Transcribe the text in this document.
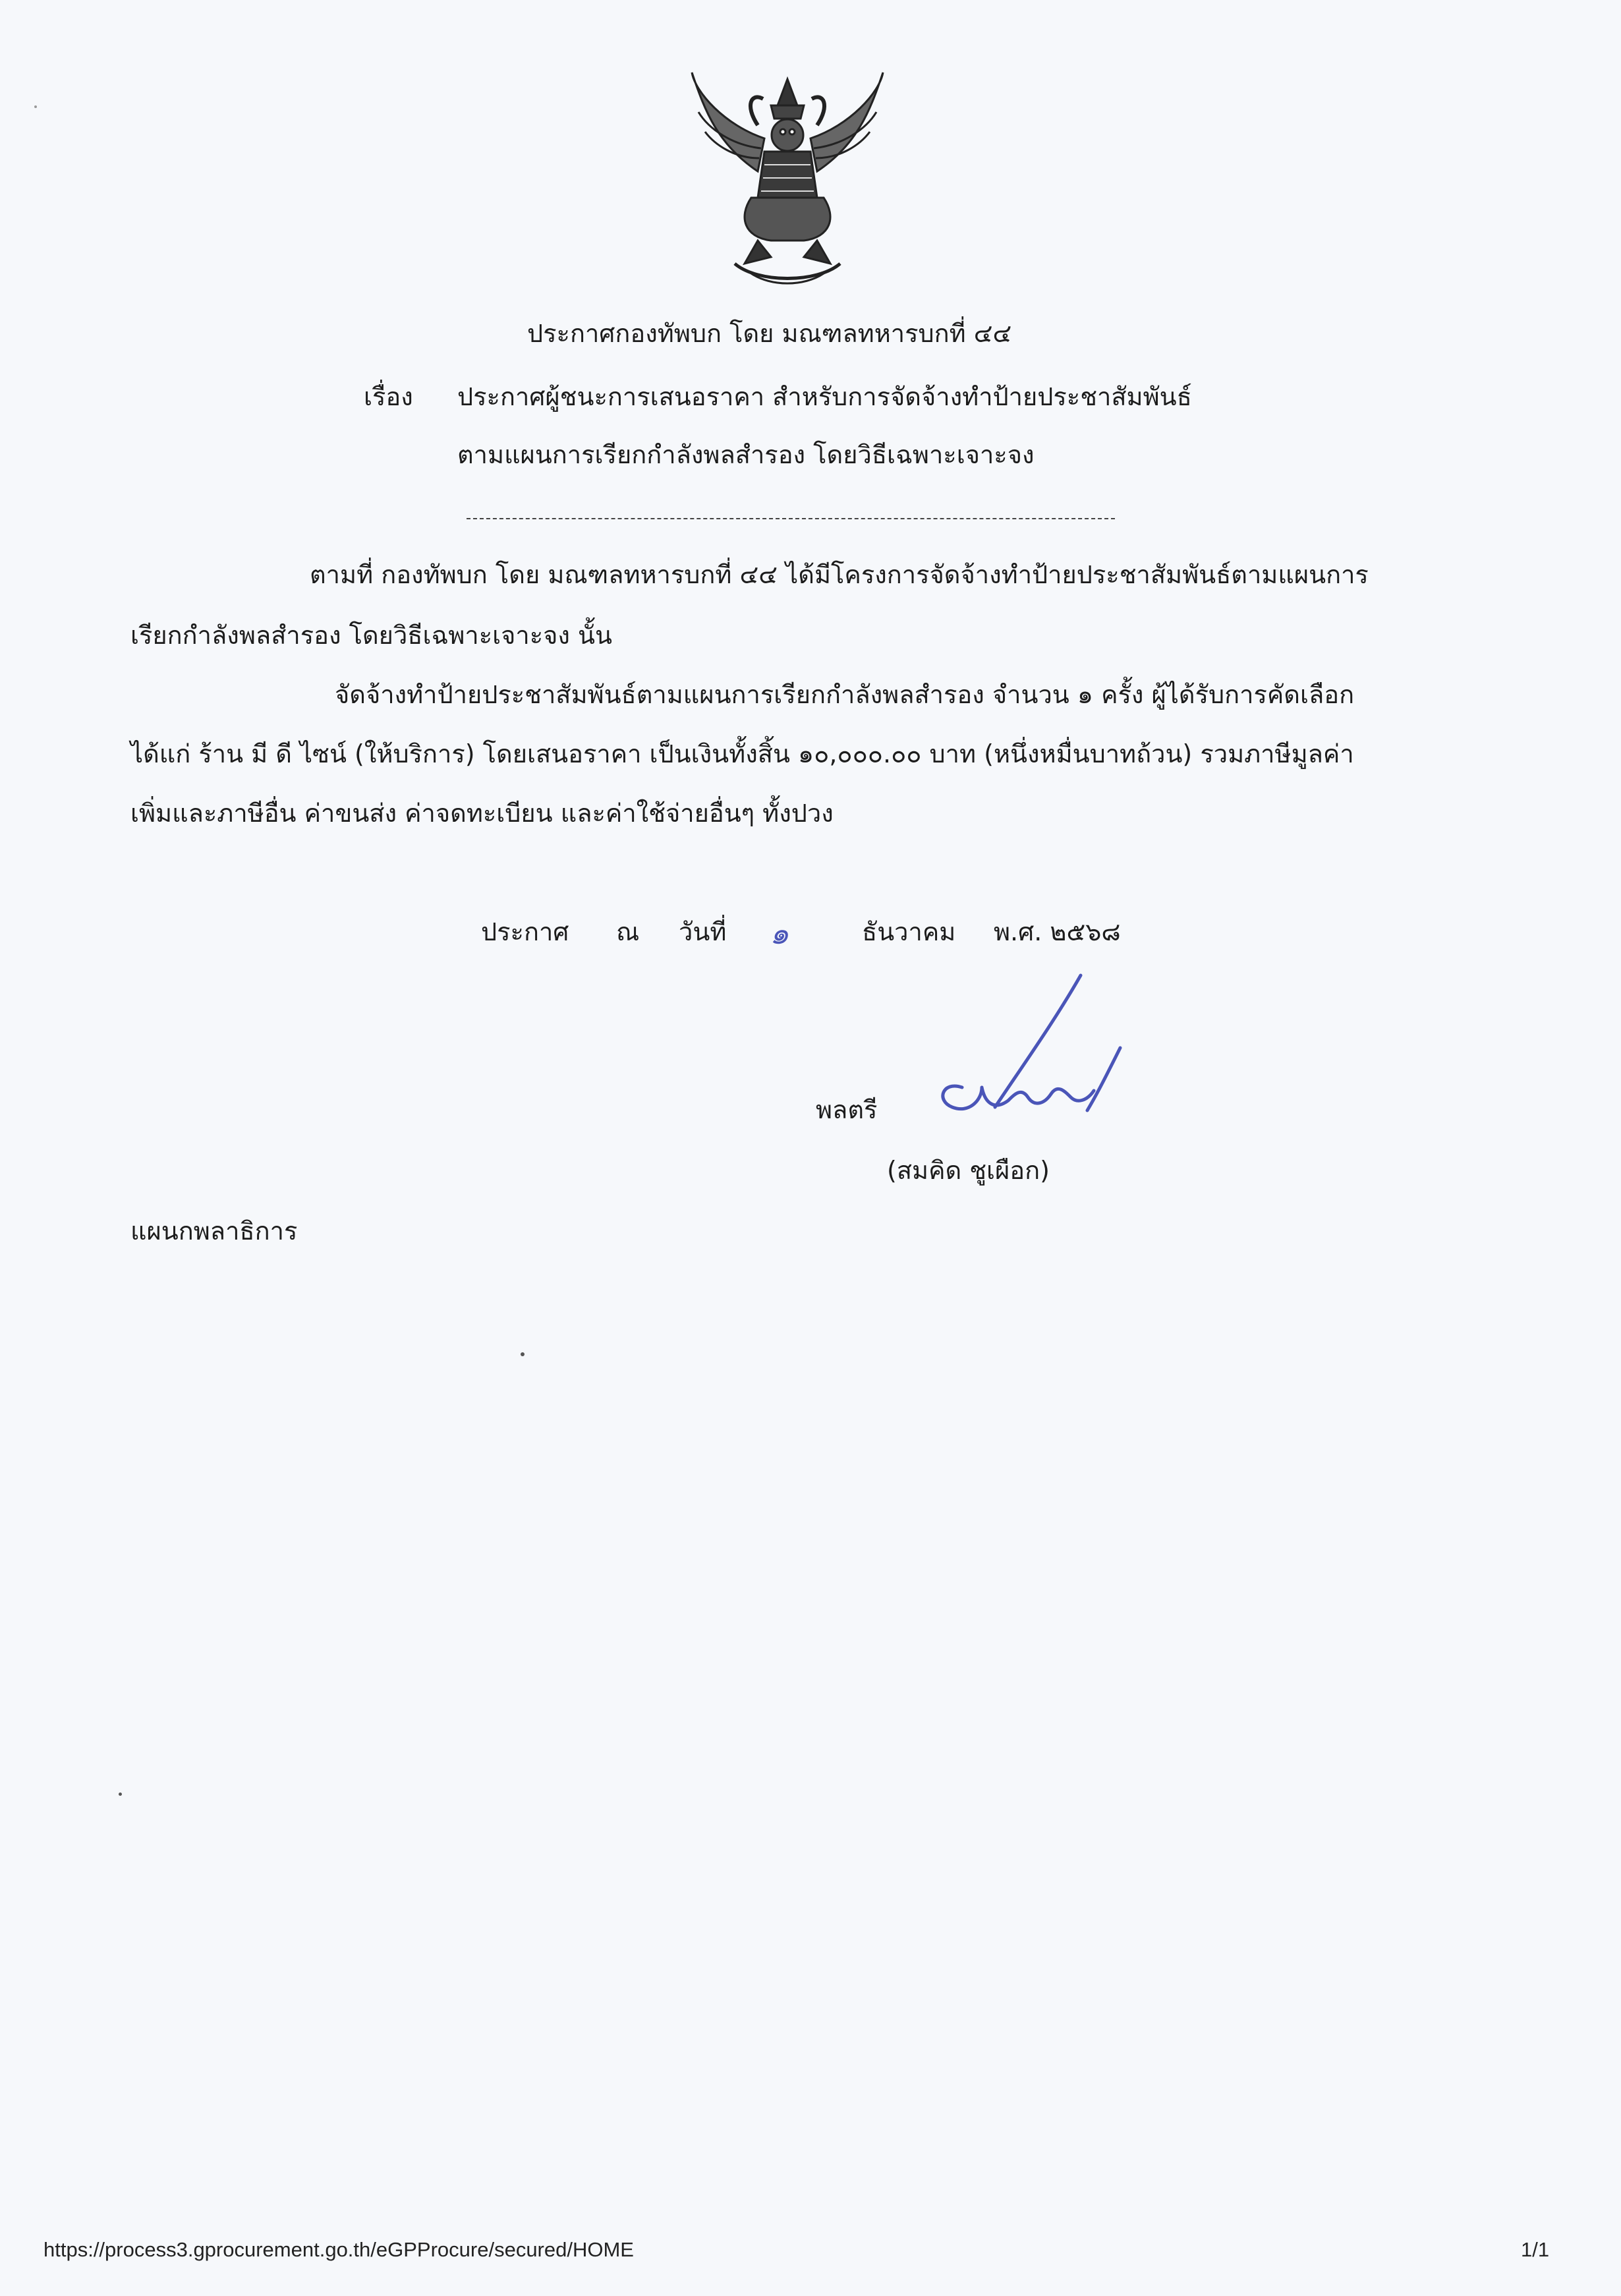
ประกาศกองทัพบก โดย มณฑลทหารบกที่ ๔๔
เรื่อง ประกาศผู้ชนะการเสนอราคา สำหรับการจัดจ้างทำป้ายประชาสัมพันธ์
ตามแผนการเรียกกำลังพลสำรอง โดยวิธีเฉพาะเจาะจง
ตามที่ กองทัพบก โดย มณฑลทหารบกที่ ๔๔ ได้มีโครงการจัดจ้างทำป้ายประชาสัมพันธ์ตามแผนการ
เรียกกำลังพลสำรอง โดยวิธีเฉพาะเจาะจง นั้น
จัดจ้างทำป้ายประชาสัมพันธ์ตามแผนการเรียกกำลังพลสำรอง จำนวน ๑ ครั้ง ผู้ได้รับการคัดเลือก
ได้แก่ ร้าน มี ดี ไซน์ (ให้บริการ) โดยเสนอราคา เป็นเงินทั้งสิ้น ๑๐,๐๐๐.๐๐ บาท (หนึ่งหมื่นบาทถ้วน) รวมภาษีมูลค่า
เพิ่มและภาษีอื่น ค่าขนส่ง ค่าจดทะเบียน และค่าใช้จ่ายอื่นๆ ทั้งปวง
ประกาศ ณ วันที่ ๑	ธันวาคม พ.ศ. ๒๕๖๘
พลตรี
(สมคิด ชูเผือก)
แผนกพลาธิการ
https://process3.gprocurement.go.th/eGPProcure/secured/HOME	1/1
